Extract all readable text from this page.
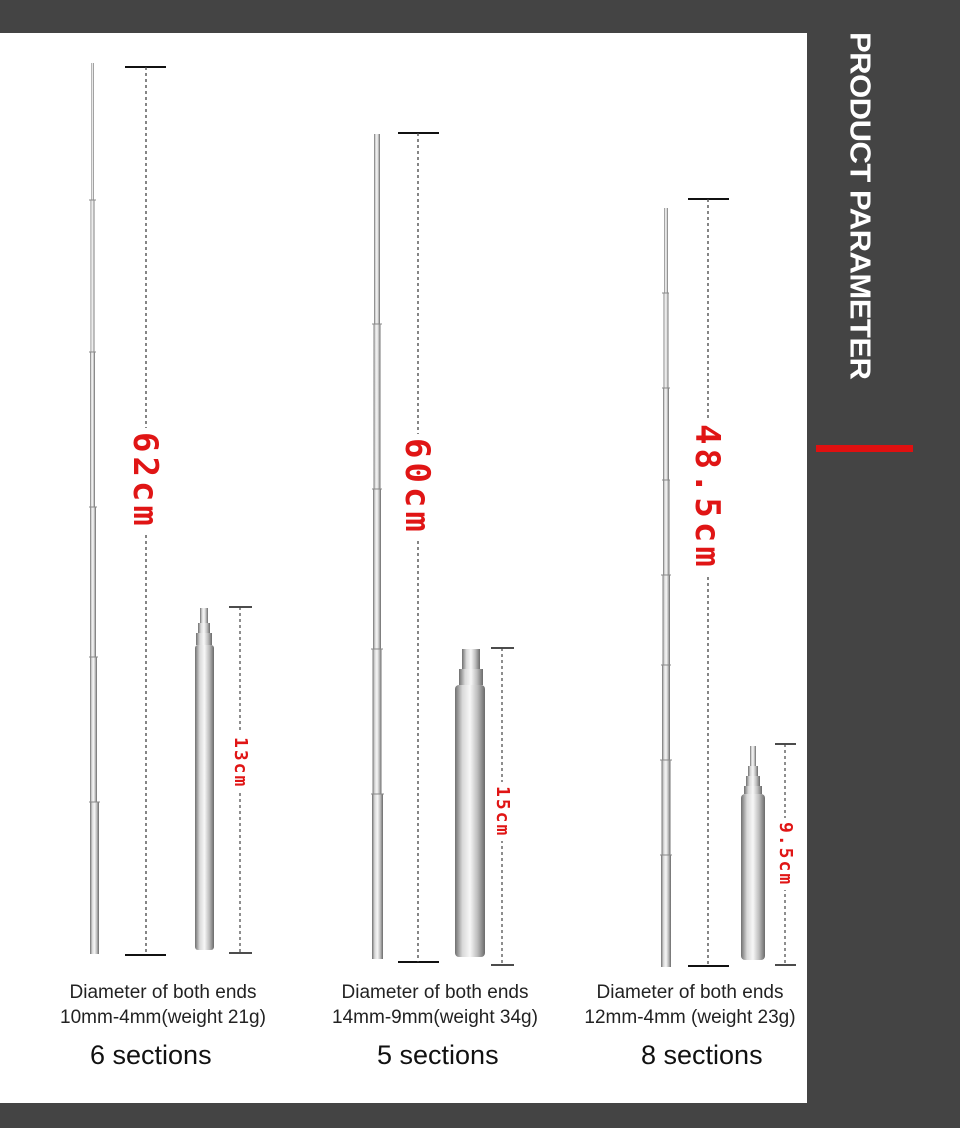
PRODUCT PARAMETER
62cm
13cm
60cm
15cm
48.5cm
9.5cm
Diameter of both ends
10mm-4mm(weight 21g)
Diameter of both ends
14mm-9mm(weight 34g)
Diameter of both ends
12mm-4mm (weight 23g)
6 sections	5 sections	8 sections
